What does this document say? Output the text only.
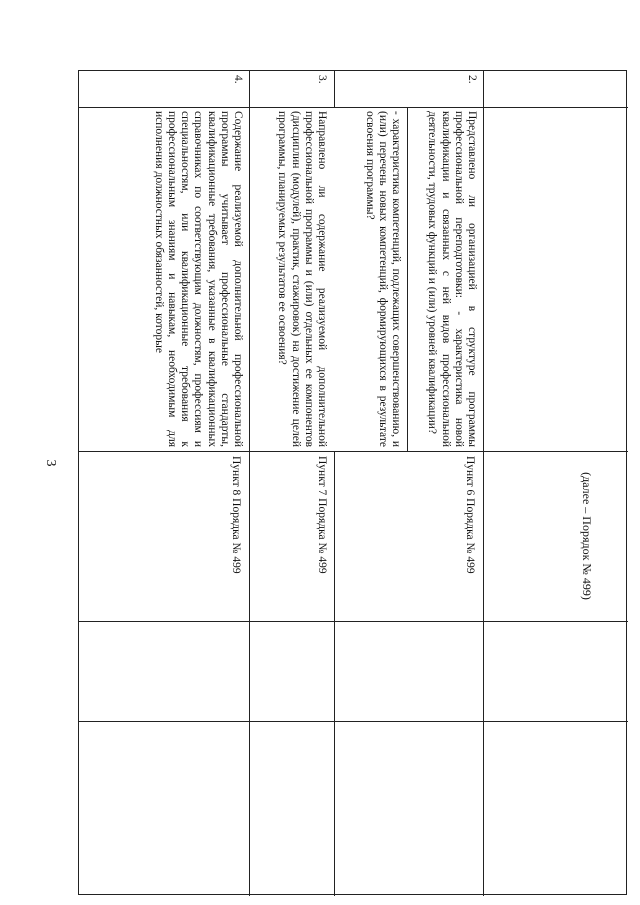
3
(далее – Порядок № 499)
2.
Представлено ли организацией в структуре программы профессиональной переподготовки: - характеристика новой квалификации и связанных с ней видов профессиональной деятельности, трудовых функций и (или) уровней квалификации?
- характеристика компетенций, подлежащих совершенствованию, и (или) перечень новых компетенций, формирующихся в результате освоения программы?
Пункт 6 Порядка № 499
3.
Направлено ли содержание реализуемой дополнительной профессиональной программы и (или) отдельных ее компонентов (дисциплин (модулей), практик, стажировок) на достижение целей программы, планируемых результатов ее освоения?
Пункт 7 Порядка № 499
4.
Содержание реализуемой дополнительной профессиональной программы учитывает профессиональные стандарты, квалификационные требования, указанные в квалификационных справочниках по соответствующим должностям, профессиям и специальностям, или квалификационные требования к профессиональным знаниям и навыкам, необходимым для исполнения должностных обязанностей, которые
Пункт 8 Порядка № 499
